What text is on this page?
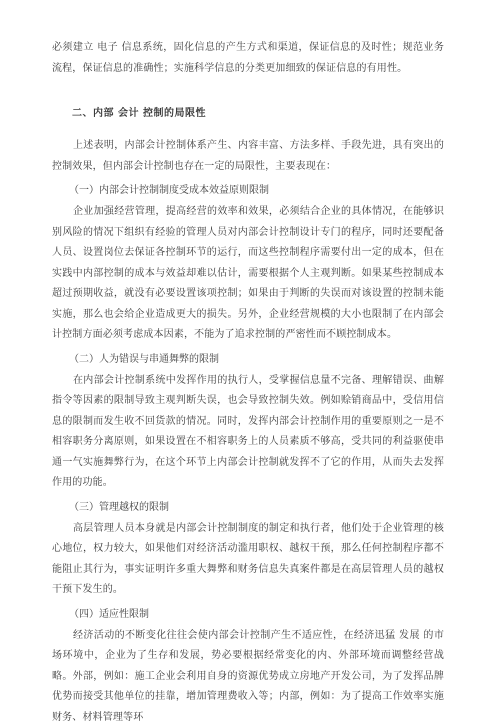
必须建立 电子 信息系统，固化信息的产生方式和渠道，保证信息的及时性；规范业务流程，保证信息的准确性；实施科学信息的分类更加细致的保证信息的有用性。

二、内部 会计 控制的局限性

上述表明，内部会计控制体系产生、内容丰富、方法多样、手段先进，具有突出的控制效果，但内部会计控制也存在一定的局限性，主要表现在：

（一）内部会计控制制度受成本效益原则限制

企业加强经营管理，提高经营的效率和效果，必须结合企业的具体情况，在能够识别风险的情况下组织有经验的管理人员对内部会计控制设计专门的程序，同时还要配备人员、设置岗位去保证各控制环节的运行，而这些控制程序需要付出一定的成本，但在实践中内部控制的成本与效益却难以估计，需要根据个人主观判断。如果某些控制成本超过预期收益，就没有必要设置该项控制；如果由于判断的失误而对该设置的控制未能实施，那么也会给企业造成更大的损失。另外，企业经营规模的大小也限制了在内部会计控制方面必须考虑成本因素，不能为了追求控制的严密性而不顾控制成本。

（二）人为错误与串通舞弊的限制

在内部会计控制系统中发挥作用的执行人，受掌握信息量不完备、理解错误、曲解指令等因素的限制导致主观判断失误，也会导致控制失效。例如赊销商品中，受信用信息的限制而发生收不回货款的情况。同时，发挥内部会计控制作用的重要原则之一是不相容职务分离原则，如果设置在不相容职务上的人员素质不够高，受共同的利益驱使串通一气实施舞弊行为，在这个环节上内部会计控制就发挥不了它的作用，从而失去发挥作用的功能。

（三）管理越权的限制

高层管理人员本身就是内部会计控制制度的制定和执行者，他们处于企业管理的核心地位，权力较大，如果他们对经济活动滥用职权、越权干预，那么任何控制程序都不能阻止其行为，事实证明许多重大舞弊和财务信息失真案件都是在高层管理人员的越权干预下发生的。

（四）适应性限制

经济活动的不断变化往往会使内部会计控制产生不适应性，在经济迅猛 发展 的市场环境中，企业为了生存和发展，势必要根据经常变化的内、外部环境而调整经营战略。外部，例如：施工企业会利用自身的资源优势成立房地产开发公司，为了发挥品牌优势而接受其他单位的挂靠，增加管理费收入等；内部，例如：为了提高工作效率实施财务、材料管理等环
